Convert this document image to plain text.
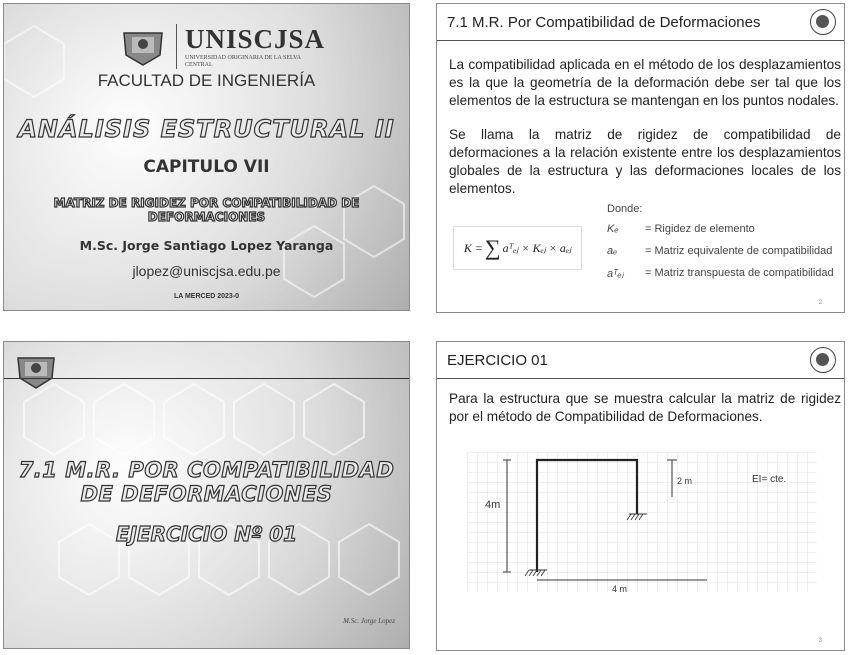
UNISCJSA
UNIVERSIDAD ORIGINARIA DE LA SELVA CENTRAL
FACULTAD DE INGENIERÍA
ANÁLISIS ESTRUCTURAL II
CAPITULO VII
MATRIZ DE RIGIDEZ POR COMPATIBILIDAD DE DEFORMACIONES
M.Sc. Jorge Santiago Lopez Yaranga
jlopez@uniscjsa.edu.pe
LA MERCED 2023-0
7.1 M.R. Por Compatibilidad de Deformaciones
La compatibilidad aplicada en el método de los desplazamientos es la que la geometría de la deformación debe ser tal que los elementos de la estructura se mantengan en los puntos nodales.
Se llama la matriz de rigidez de compatibilidad de deformaciones a la relación existente entre los desplazamientos globales de la estructura y las deformaciones locales de los elementos.
K = ∑ aᵀₑⱼ × Kₑⱼ × aₑⱼ
Donde:
Kₑ	= Rigidez de elemento
aₑ	= Matriz equivalente de compatibilidad
aᵀₑⱼ	= Matriz transpuesta de compatibilidad
2
7.1 M.R. POR COMPATIBILIDAD DE DEFORMACIONES
EJERCICIO Nº 01
M.Sc. Jorge Lopez
EJERCICIO 01
Para la estructura que se muestra calcular la matriz de rigidez por el método de Compatibilidad de Deformaciones.
4m
2 m
4 m
EI= cte.
3
